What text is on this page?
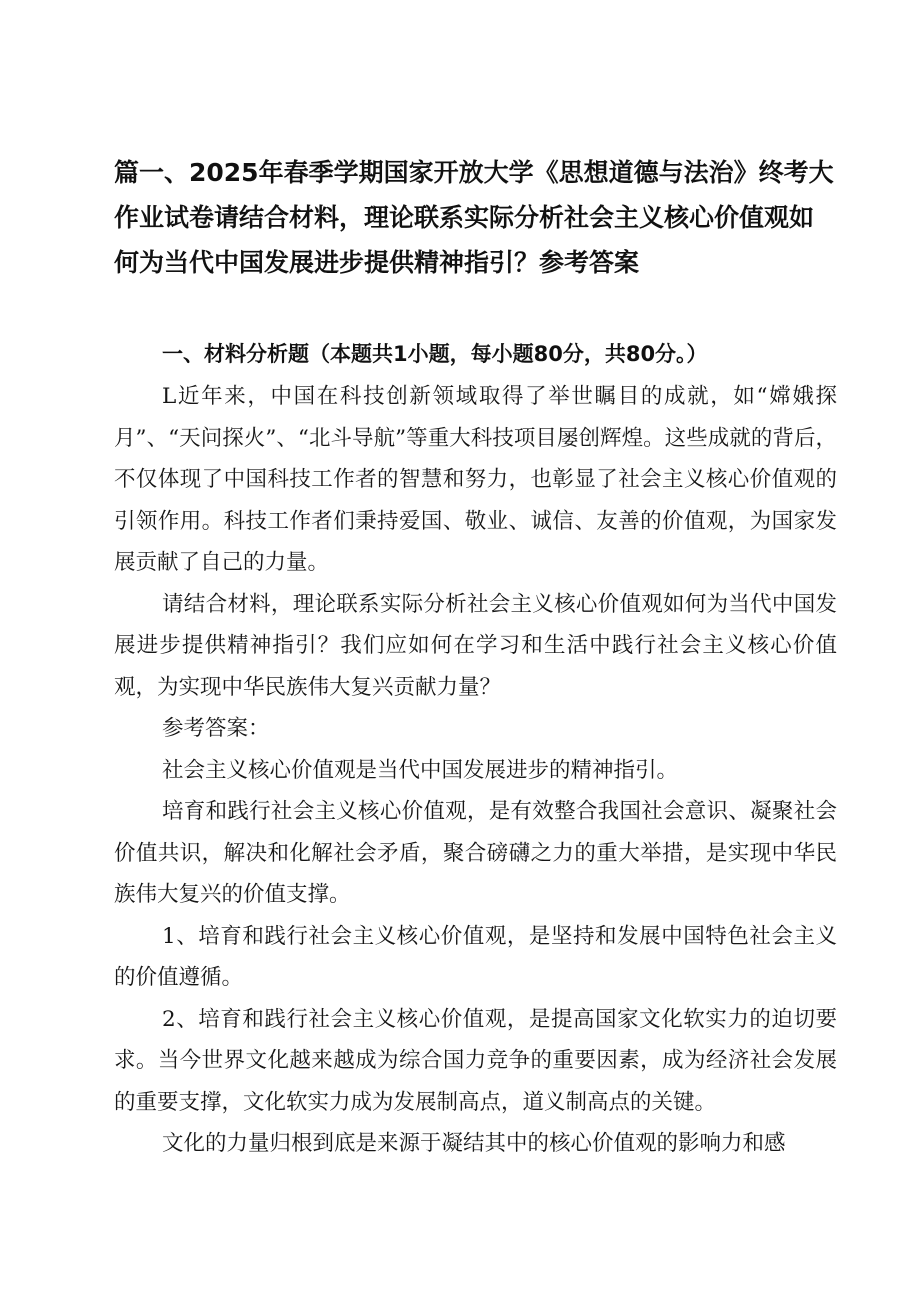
篇一、2025年春季学期国家开放大学《思想道德与法治》终考大作业试卷请结合材料，理论联系实际分析社会主义核心价值观如何为当代中国发展进步提供精神指引？参考答案
一、材料分析题（本题共1小题，每小题80分，共80分。）

L近年来，中国在科技创新领域取得了举世瞩目的成就，如“嫦娥探月”、“天问探火”、“北斗导航”等重大科技项目屡创辉煌。这些成就的背后，不仅体现了中国科技工作者的智慧和努力，也彰显了社会主义核心价值观的引领作用。科技工作者们秉持爱国、敬业、诚信、友善的价值观，为国家发展贡献了自己的力量。

请结合材料，理论联系实际分析社会主义核心价值观如何为当代中国发展进步提供精神指引？我们应如何在学习和生活中践行社会主义核心价值观，为实现中华民族伟大复兴贡献力量？

参考答案：

社会主义核心价值观是当代中国发展进步的精神指引。

培育和践行社会主义核心价值观，是有效整合我国社会意识、凝聚社会价值共识，解决和化解社会矛盾，聚合磅礴之力的重大举措，是实现中华民族伟大复兴的价值支撑。

1、培育和践行社会主义核心价值观，是坚持和发展中国特色社会主义的价值遵循。

2、培育和践行社会主义核心价值观，是提高国家文化软实力的迫切要求。当今世界文化越来越成为综合国力竞争的重要因素，成为经济社会发展的重要支撑，文化软实力成为发展制高点，道义制高点的关键。

文化的力量归根到底是来源于凝结其中的核心价值观的影响力和感
